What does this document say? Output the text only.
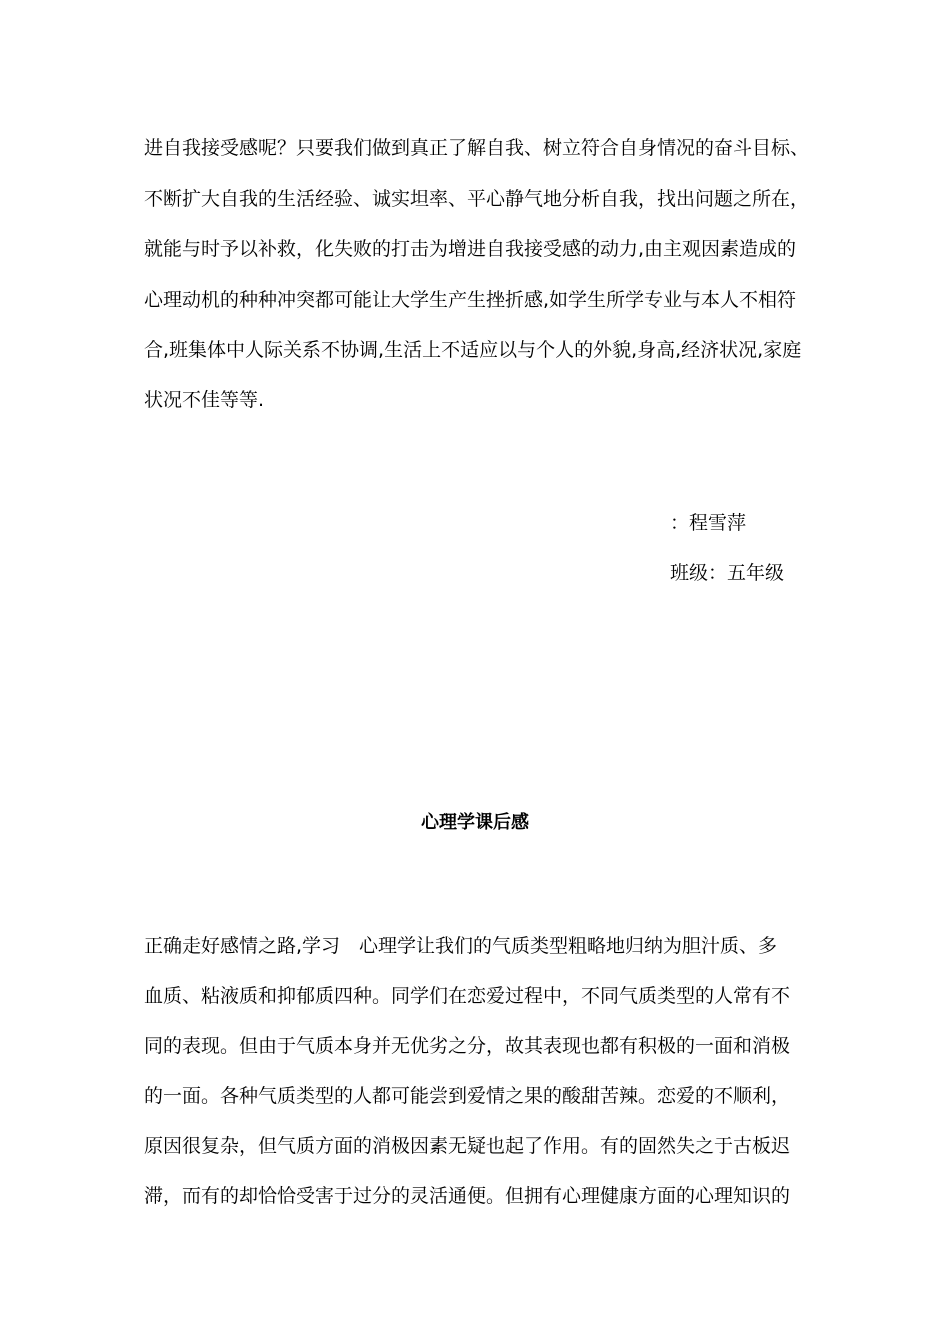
进自我接受感呢？只要我们做到真正了解自我、树立符合自身情况的奋斗目标、
不断扩大自我的生活经验、诚实坦率、平心静气地分析自我，找出问题之所在，
就能与时予以补救，化失败的打击为增进自我接受感的动力,由主观因素造成的
心理动机的种种冲突都可能让大学生产生挫折感,如学生所学专业与本人不相符
合,班集体中人际关系不协调,生活上不适应以与个人的外貌,身高,经济状况,家庭
状况不佳等等.
：程雪萍
班级：五年级
心理学课后感
正确走好感情之路,学习　心理学让我们的气质类型粗略地归纳为胆汁质、多
血质、粘液质和抑郁质四种。同学们在恋爱过程中，不同气质类型的人常有不
同的表现。但由于气质本身并无优劣之分，故其表现也都有积极的一面和消极
的一面。各种气质类型的人都可能尝到爱情之果的酸甜苦辣。恋爱的不顺利，
原因很复杂，但气质方面的消极因素无疑也起了作用。有的固然失之于古板迟
滞，而有的却恰恰受害于过分的灵活通便。但拥有心理健康方面的心理知识的
